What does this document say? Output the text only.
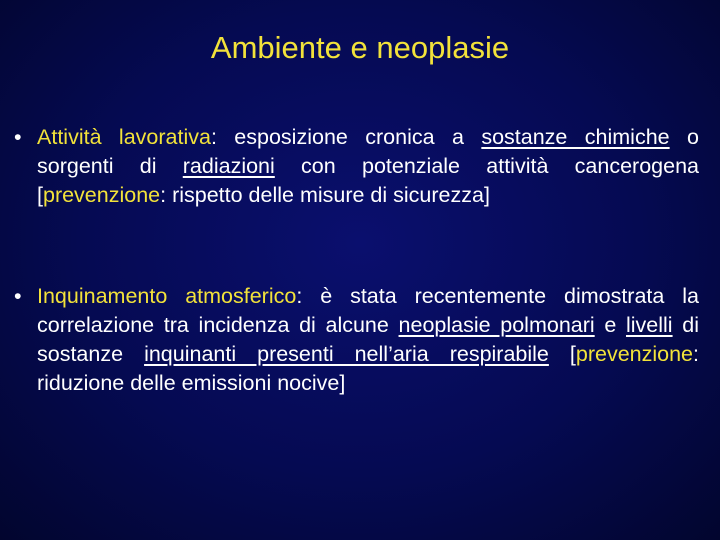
Ambiente e neoplasie
• Attività lavorativa: esposizione cronica a sostanze chimiche o sorgenti di radiazioni con potenziale attività cancerogena [prevenzione: rispetto delle misure di sicurezza]
• Inquinamento atmosferico: è stata recentemente dimostrata la correlazione tra incidenza di alcune neoplasie polmonari e livelli di sostanze inquinanti presenti nell’aria respirabile [prevenzione: riduzione delle emissioni nocive]
